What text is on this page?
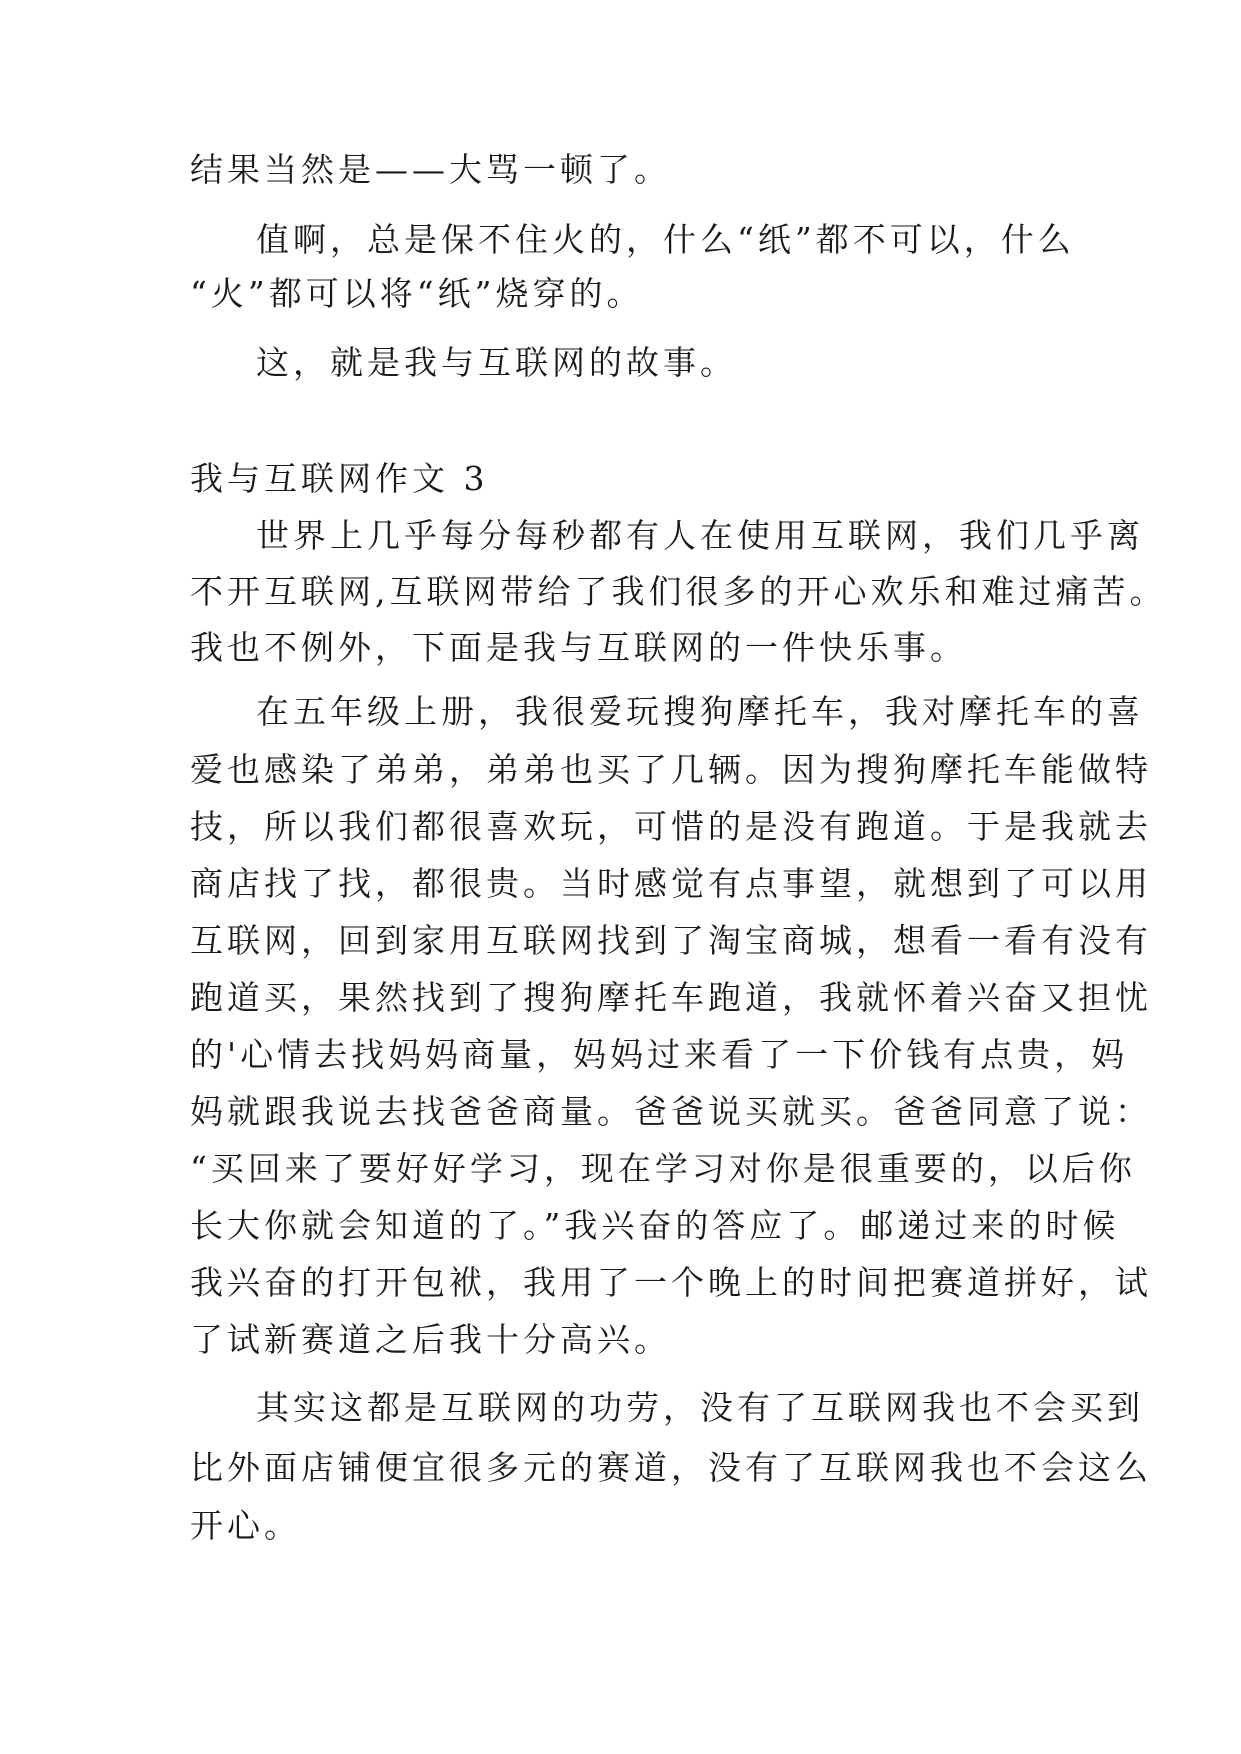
结果当然是——大骂一顿了。
值啊，总是保不住火的，什么“纸”都不可以，什么
“火”都可以将“纸”烧穿的。
这，就是我与互联网的故事。
我与互联网作文 3
世界上几乎每分每秒都有人在使用互联网，我们几乎离
不开互联网,互联网带给了我们很多的开心欢乐和难过痛苦。
我也不例外，下面是我与互联网的一件快乐事。
在五年级上册，我很爱玩搜狗摩托车，我对摩托车的喜
爱也感染了弟弟，弟弟也买了几辆。因为搜狗摩托车能做特
技，所以我们都很喜欢玩，可惜的是没有跑道。于是我就去
商店找了找，都很贵。当时感觉有点事望，就想到了可以用
互联网，回到家用互联网找到了淘宝商城，想看一看有没有
跑道买，果然找到了搜狗摩托车跑道，我就怀着兴奋又担忧
的'心情去找妈妈商量，妈妈过来看了一下价钱有点贵，妈
妈就跟我说去找爸爸商量。爸爸说买就买。爸爸同意了说：
“买回来了要好好学习，现在学习对你是很重要的，以后你
长大你就会知道的了。”我兴奋的答应了。邮递过来的时候
我兴奋的打开包袱，我用了一个晚上的时间把赛道拼好，试
了试新赛道之后我十分高兴。
其实这都是互联网的功劳，没有了互联网我也不会买到
比外面店铺便宜很多元的赛道，没有了互联网我也不会这么
开心。
